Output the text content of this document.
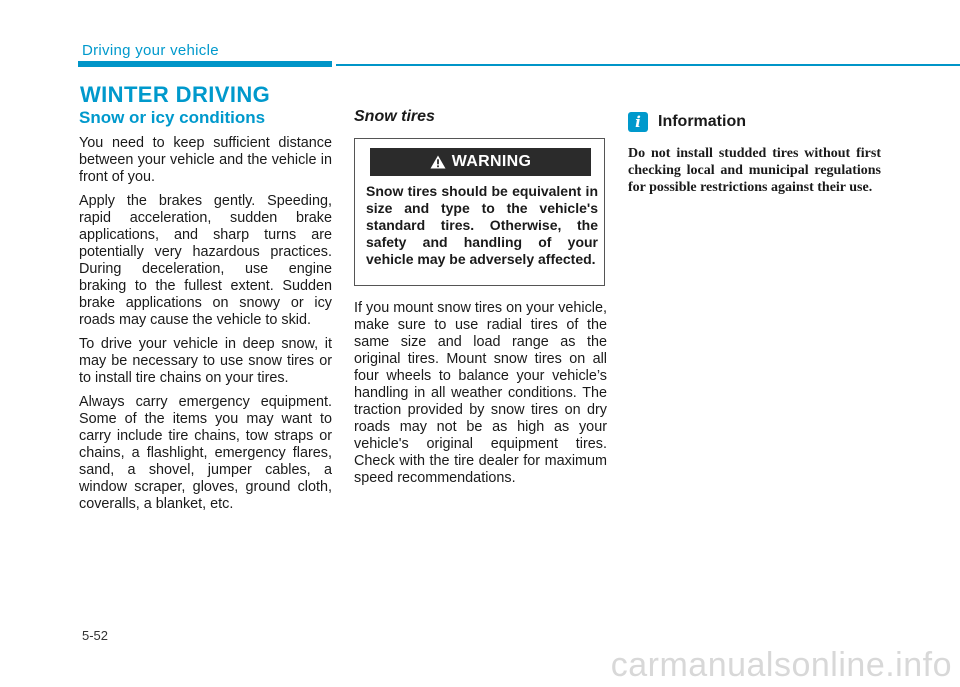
Driving your vehicle
WINTER DRIVING
Snow or icy conditions

You need to keep sufficient distance between your vehicle and the vehicle in front of you.

Apply the brakes gently. Speeding, rapid acceleration, sudden brake applications, and sharp turns are potentially very hazardous practices. During deceleration, use engine braking to the fullest extent. Sudden brake applications on snowy or icy roads may cause the vehicle to skid.

To drive your vehicle in deep snow, it may be necessary to use snow tires or to install tire chains on your tires.

Always carry emergency equipment. Some of the items you may want to carry include tire chains, tow straps or chains, a flashlight, emergency flares, sand, a shovel, jumper cables, a window scraper, gloves, ground cloth, coveralls, a blanket, etc.

Snow tires
WARNING
Snow tires should be equivalent in size and type to the vehicle's standard tires. Otherwise, the safety and handling of your vehicle may be adversely affected.

If you mount snow tires on your vehicle, make sure to use radial tires of the same size and load range as the original tires. Mount snow tires on all four wheels to balance your vehicle’s handling in all weather conditions. The traction provided by snow tires on dry roads may not be as high as your vehicle's original equipment tires. Check with the tire dealer for maximum speed recommendations.

i	Information

Do not install studded tires without first checking local and municipal regulations for possible restrictions against their use.

5-52
carmanualsonline.info
